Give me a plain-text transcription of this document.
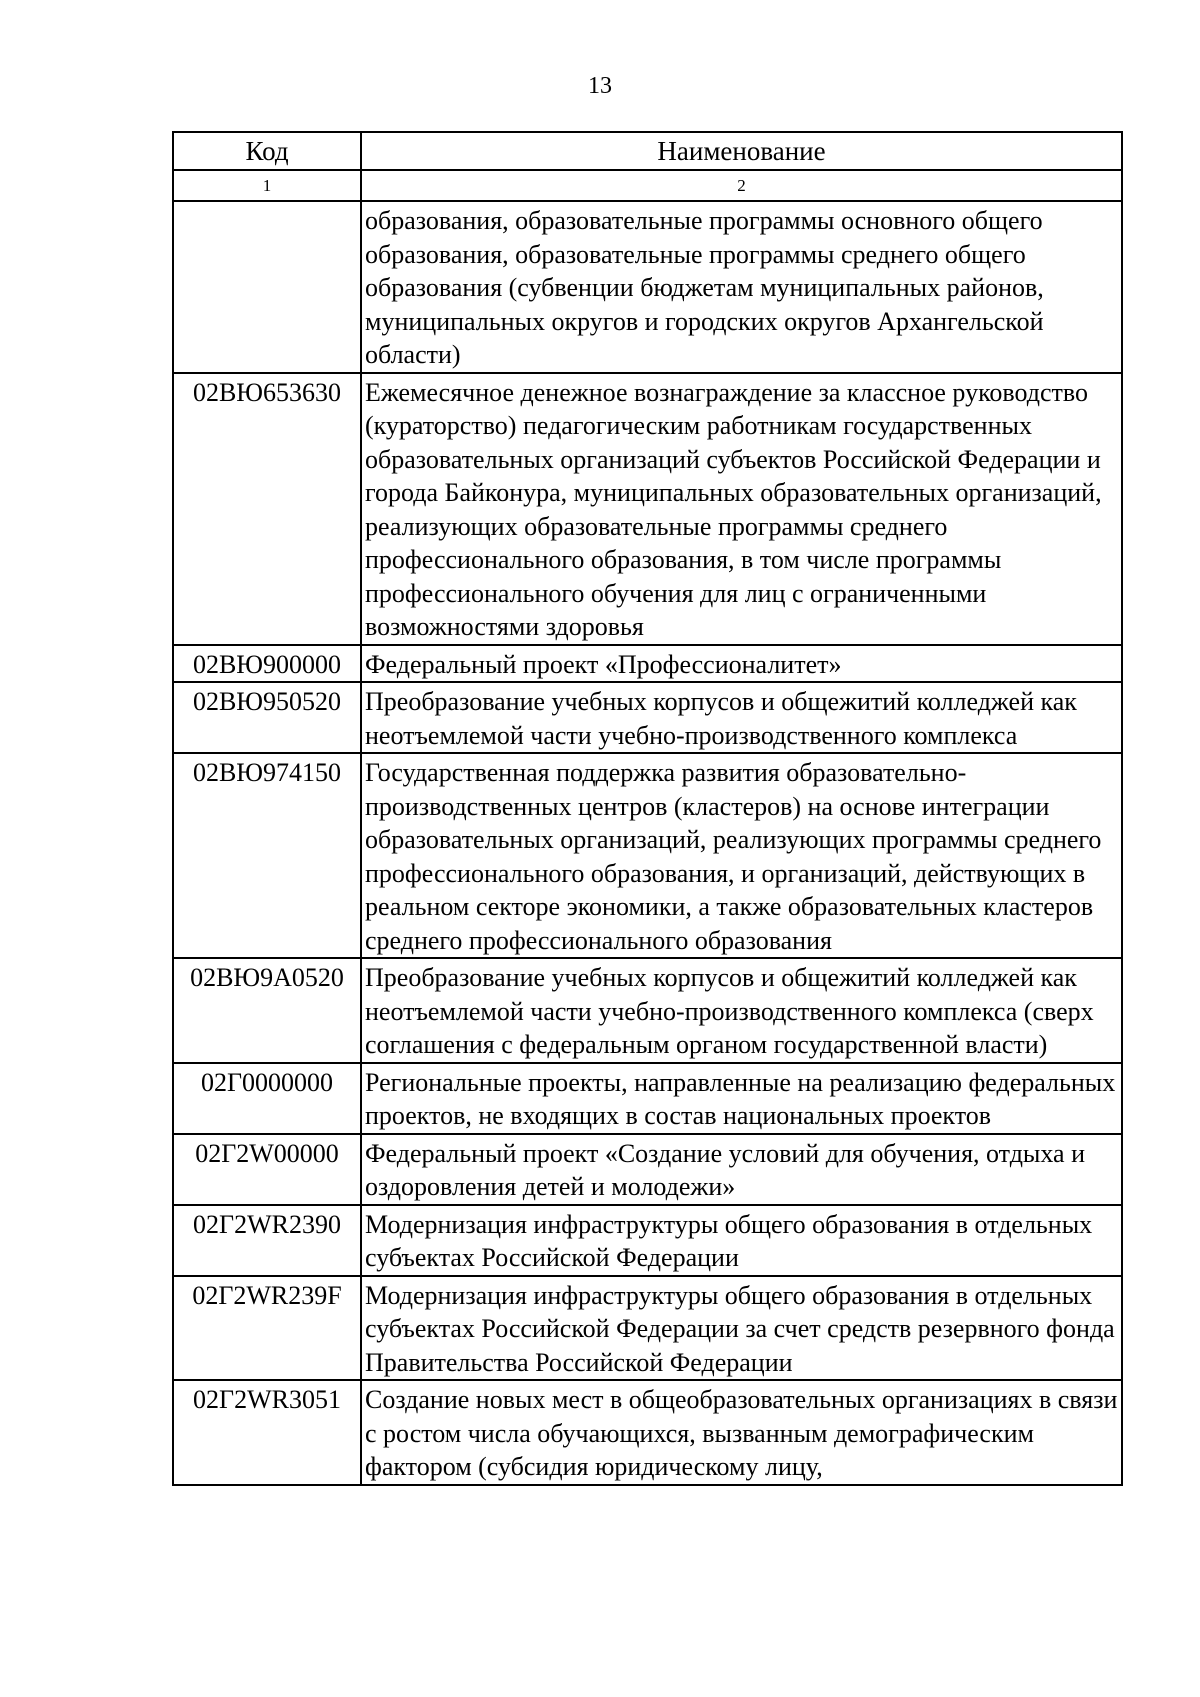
13
Код	Наименование
1	2
	образования, образовательные программы основного общего образования, образовательные программы среднего общего образования (субвенции бюджетам муниципальных районов, муниципальных округов и городских округов Архангельской области)
02ВЮ653630	Ежемесячное денежное вознаграждение за классное руководство (кураторство) педагогическим работникам государственных образовательных организаций субъектов Российской Федерации и города Байконура, муниципальных образовательных организаций, реализующих образовательные программы среднего профессионального образования, в том числе программы профессионального обучения для лиц с ограниченными возможностями здоровья
02ВЮ900000	Федеральный проект «Профессионалитет»
02ВЮ950520	Преобразование учебных корпусов и общежитий колледжей как неотъемлемой части учебно-производственного комплекса
02ВЮ974150	Государственная поддержка развития образовательно-производственных центров (кластеров) на основе интеграции образовательных организаций, реализующих программы среднего профессионального образования, и организаций, действующих в реальном секторе экономики, а также образовательных кластеров среднего профессионального образования
02ВЮ9А0520	Преобразование учебных корпусов и общежитий колледжей как неотъемлемой части учебно-производственного комплекса (сверх соглашения с федеральным органом государственной власти)
02Г0000000	Региональные проекты, направленные на реализацию федеральных проектов, не входящих в состав национальных проектов
02Г2W00000	Федеральный проект «Создание условий для обучения, отдыха и оздоровления детей и молодежи»
02Г2WR2390	Модернизация инфраструктуры общего образования в отдельных субъектах Российской Федерации
02Г2WR239F	Модернизация инфраструктуры общего образования в отдельных субъектах Российской Федерации за счет средств резервного фонда Правительства Российской Федерации
02Г2WR3051	Создание новых мест в общеобразовательных организациях в связи с ростом числа обучающихся, вызванным демографическим фактором (субсидия юридическому лицу,
